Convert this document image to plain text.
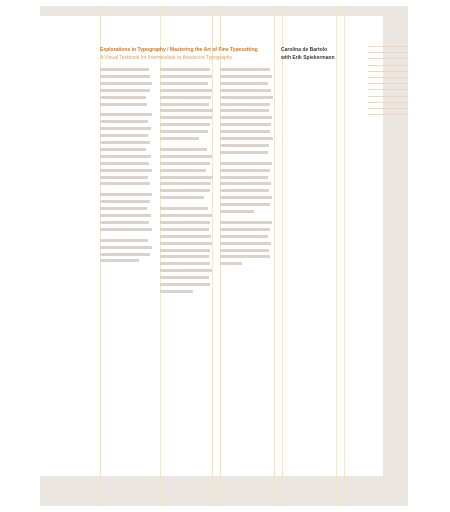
Explorations in Typography / Mastering the Art of Fine Typesetting
A Visual Textbook for Intermediate to Advanced Typography
Carolina de Bartolo
with Erik Spiekermann
